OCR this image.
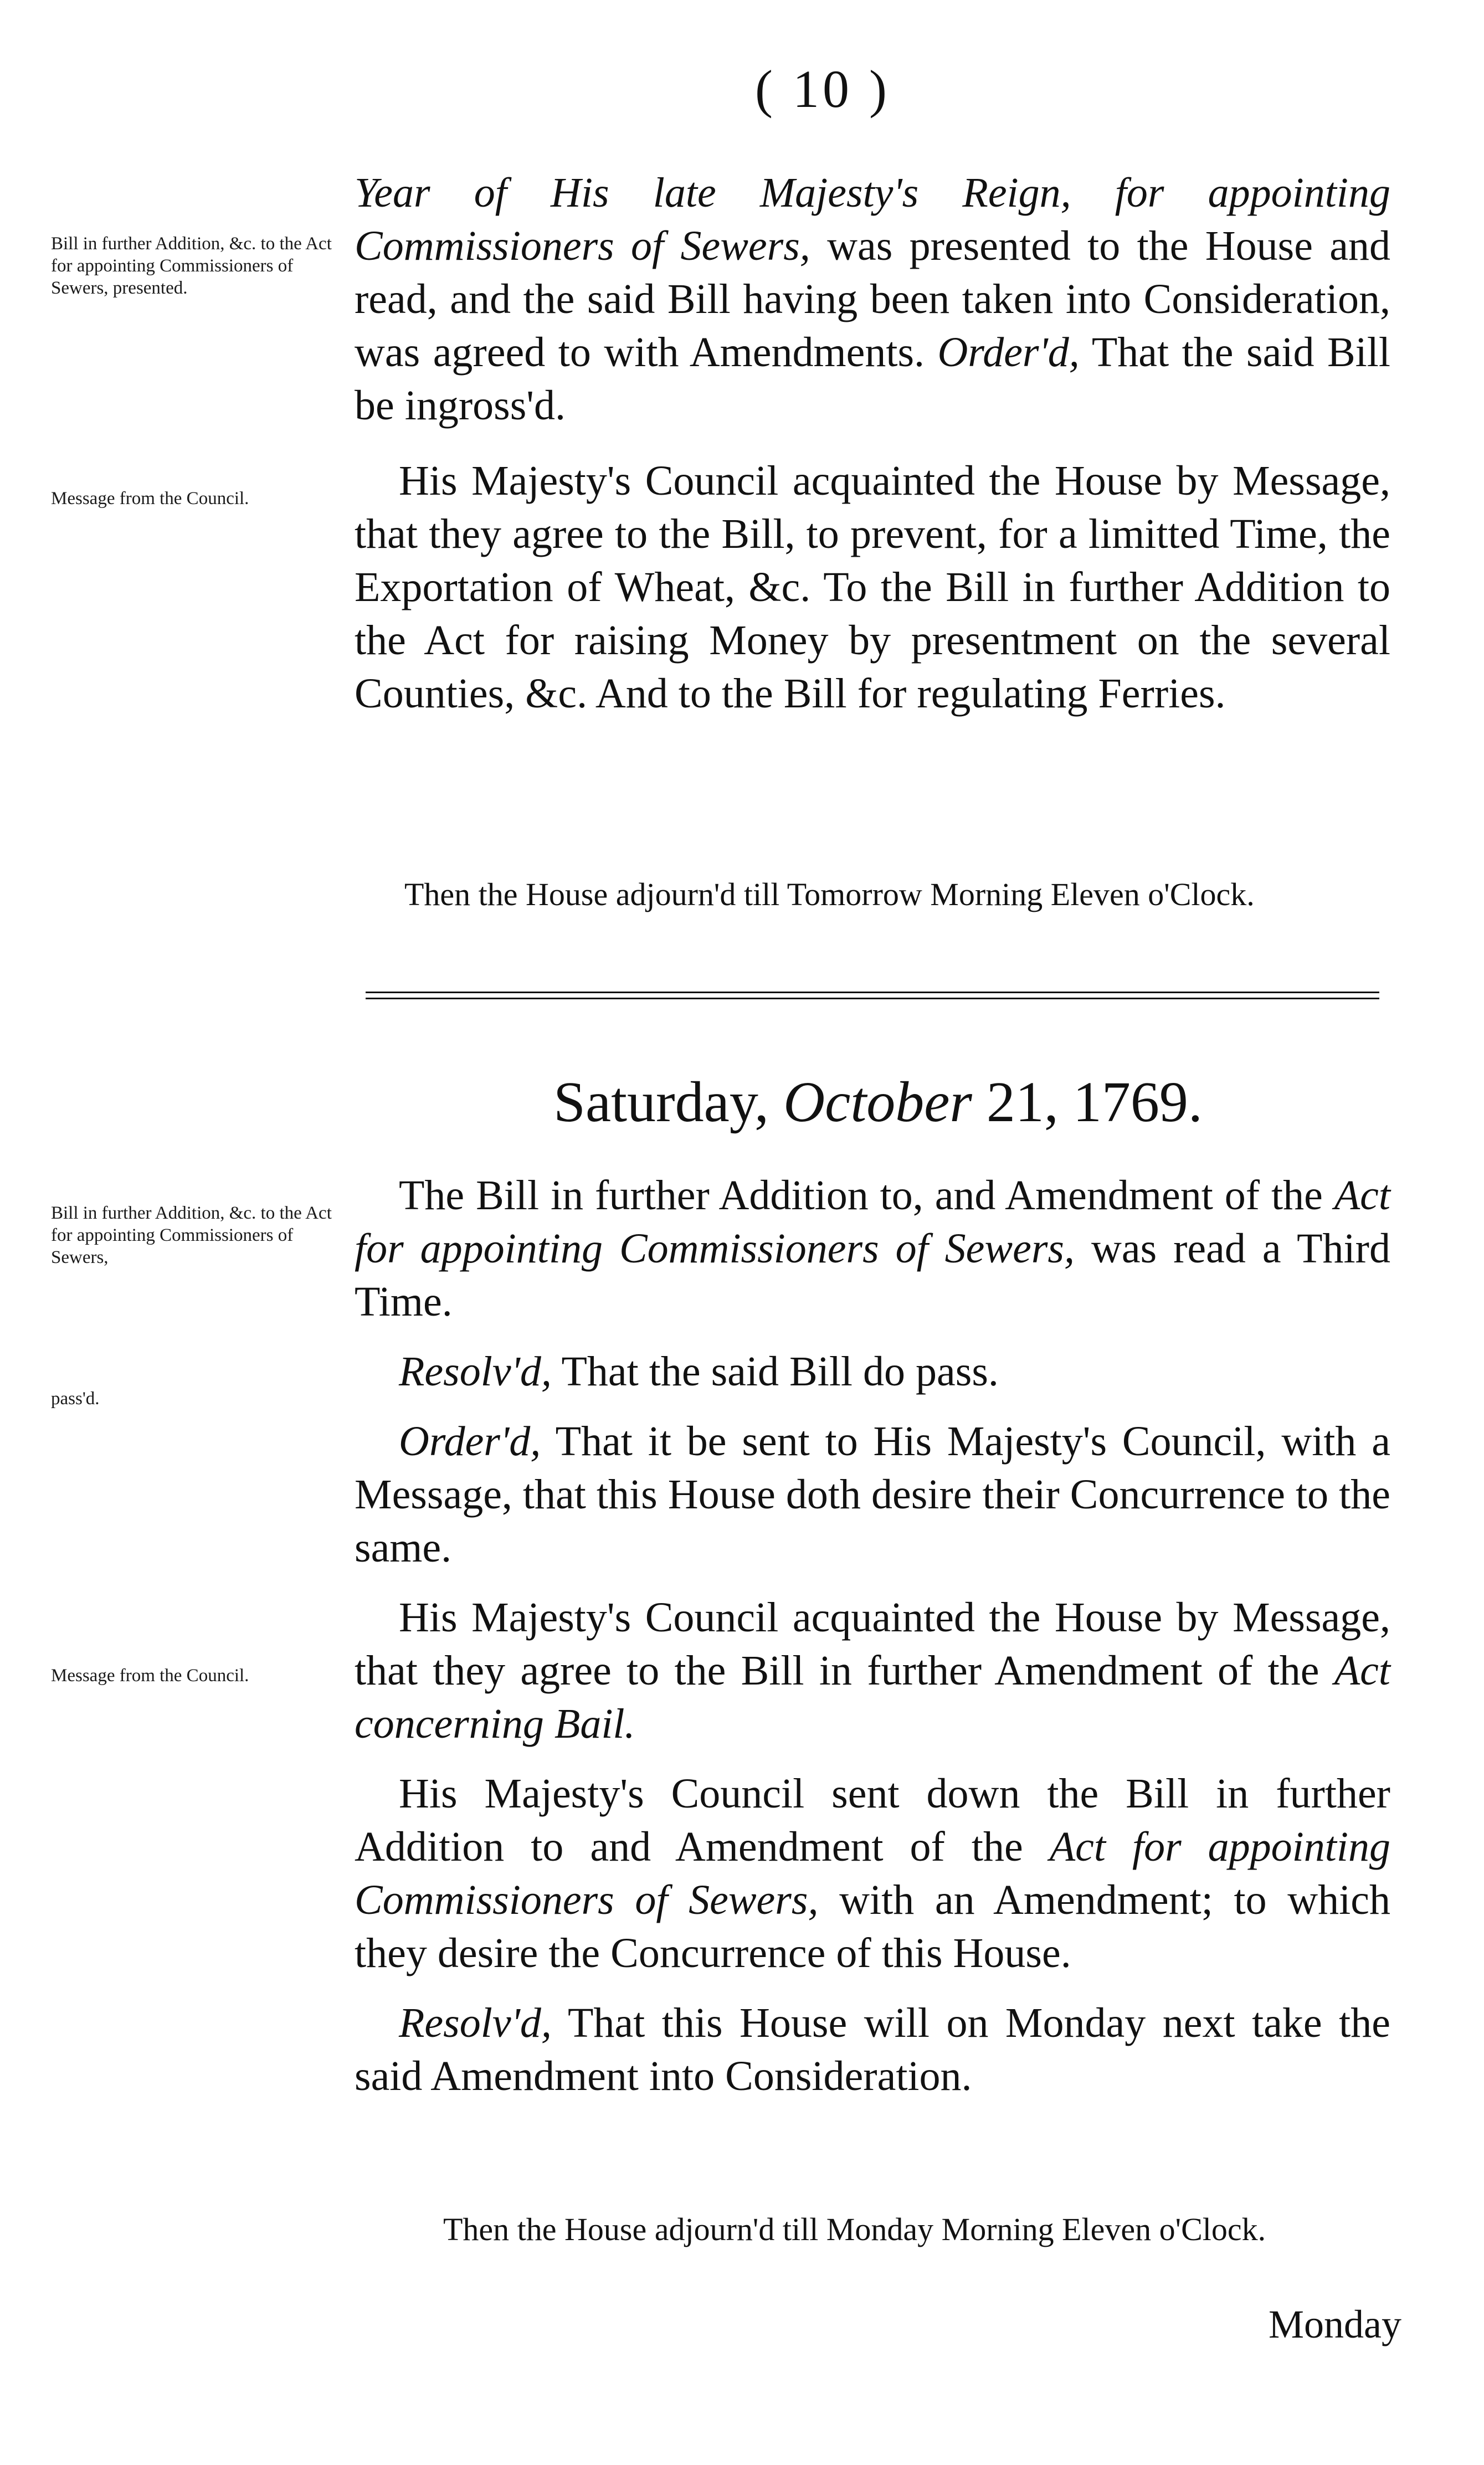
( 10 )
Bill in further Addition, &c. to the Act for appointing Commissioners of Sewers, presented.
Message from the Council.
Bill in further Addition, &c. to the Act for appointing Commissioners of Sewers,
pass'd.
Message from the Council.

Year of His late Majesty's Reign, for appointing Commissioners of Sewers, was presented to the House and read, and the said Bill having been taken into Consideration, was agreed to with Amendments. Order'd, That the said Bill be ingross'd.

His Majesty's Council acquainted the House by Message, that they agree to the Bill, to prevent, for a limitted Time, the Exportation of Wheat, &c. To the Bill in further Addition to the Act for raising Money by presentment on the several Counties, &c. And to the Bill for regulating Ferries.

Then the House adjourn'd till Tomorrow Morning Eleven o'Clock.
Saturday, October 21, 1769.

The Bill in further Addition to, and Amendment of the Act for appointing Commissioners of Sewers, was read a Third Time.

Resolv'd, That the said Bill do pass.

Order'd, That it be sent to His Majesty's Council, with a Message, that this House doth desire their Concurrence to the same.

His Majesty's Council acquainted the House by Message, that they agree to the Bill in further Amendment of the Act concerning Bail.

His Majesty's Council sent down the Bill in further Addition to and Amendment of the Act for appointing Commissioners of Sewers, with an Amendment; to which they desire the Concurrence of this House.

Resolv'd, That this House will on Monday next take the said Amendment into Consideration.

Then the House adjourn'd till Monday Morning Eleven o'Clock.
Monday
